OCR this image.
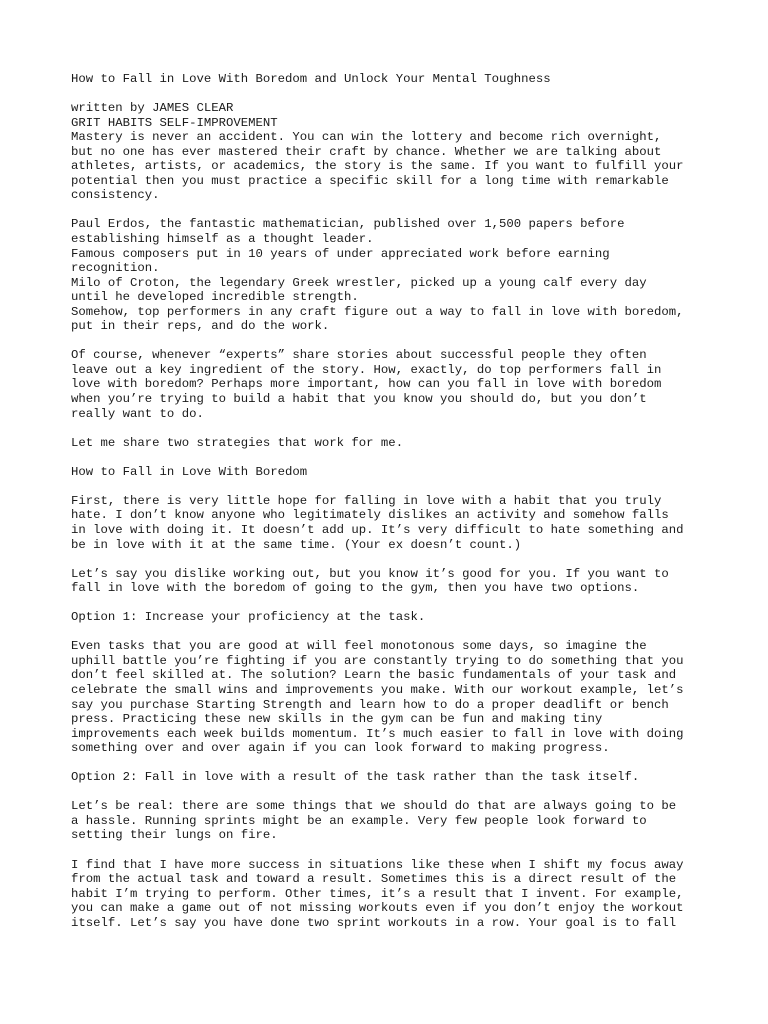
How to Fall in Love With Boredom and Unlock Your Mental Toughness
written by JAMES CLEAR
GRIT HABITS SELF-IMPROVEMENT
Mastery is never an accident. You can win the lottery and become rich overnight,
but no one has ever mastered their craft by chance. Whether we are talking about
athletes, artists, or academics, the story is the same. If you want to fulfill your
potential then you must practice a specific skill for a long time with remarkable
consistency.
Paul Erdos, the fantastic mathematician, published over 1,500 papers before
establishing himself as a thought leader.
Famous composers put in 10 years of under appreciated work before earning
recognition.
Milo of Croton, the legendary Greek wrestler, picked up a young calf every day
until he developed incredible strength.
Somehow, top performers in any craft figure out a way to fall in love with boredom,
put in their reps, and do the work.
Of course, whenever “experts” share stories about successful people they often
leave out a key ingredient of the story. How, exactly, do top performers fall in
love with boredom? Perhaps more important, how can you fall in love with boredom
when you’re trying to build a habit that you know you should do, but you don’t
really want to do.
Let me share two strategies that work for me.
How to Fall in Love With Boredom
First, there is very little hope for falling in love with a habit that you truly
hate. I don’t know anyone who legitimately dislikes an activity and somehow falls
in love with doing it. It doesn’t add up. It’s very difficult to hate something and
be in love with it at the same time. (Your ex doesn’t count.)
Let’s say you dislike working out, but you know it’s good for you. If you want to
fall in love with the boredom of going to the gym, then you have two options.
Option 1: Increase your proficiency at the task.
Even tasks that you are good at will feel monotonous some days, so imagine the
uphill battle you’re fighting if you are constantly trying to do something that you
don’t feel skilled at. The solution? Learn the basic fundamentals of your task and
celebrate the small wins and improvements you make. With our workout example, let’s
say you purchase Starting Strength and learn how to do a proper deadlift or bench
press. Practicing these new skills in the gym can be fun and making tiny
improvements each week builds momentum. It’s much easier to fall in love with doing
something over and over again if you can look forward to making progress.
Option 2: Fall in love with a result of the task rather than the task itself.
Let’s be real: there are some things that we should do that are always going to be
a hassle. Running sprints might be an example. Very few people look forward to
setting their lungs on fire.
I find that I have more success in situations like these when I shift my focus away
from the actual task and toward a result. Sometimes this is a direct result of the
habit I’m trying to perform. Other times, it’s a result that I invent. For example,
you can make a game out of not missing workouts even if you don’t enjoy the workout
itself. Let’s say you have done two sprint workouts in a row. Your goal is to fall
